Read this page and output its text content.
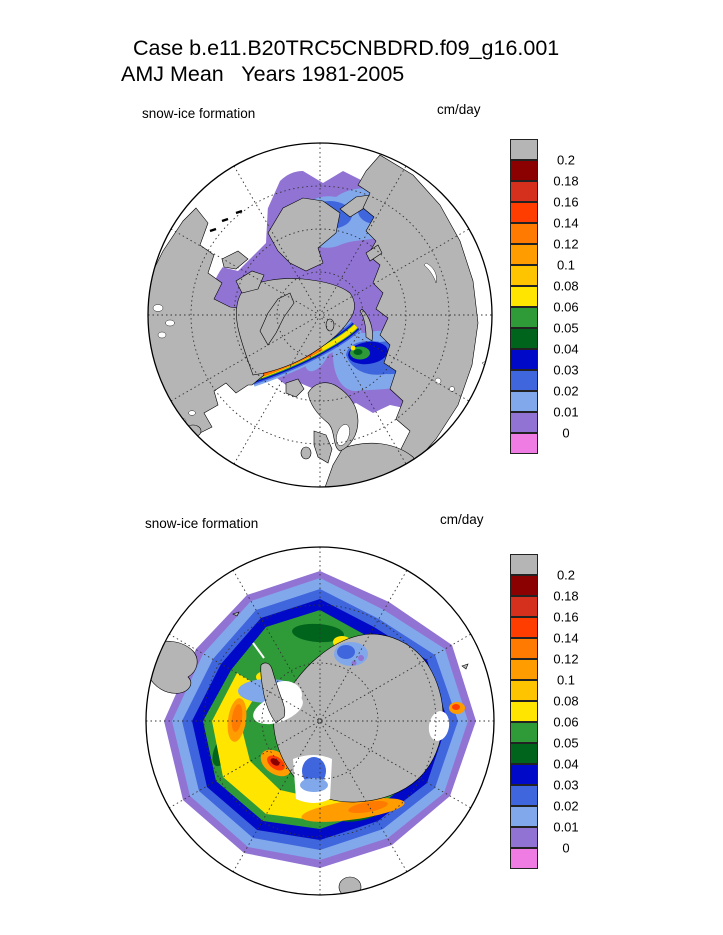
Case b.e11.B20TRC5CNBDRD.f09_g16.001
AMJ Mean   Years 1981-2005
snow-ice formation	cm/day
snow-ice formation	cm/day
0.2
0.18
0.16
0.14
0.12
0.1
0.08
0.06
0.05
0.04
0.03
0.02
0.01
0
0.2
0.18
0.16
0.14
0.12
0.1
0.08
0.06
0.05
0.04
0.03
0.02
0.01
0
